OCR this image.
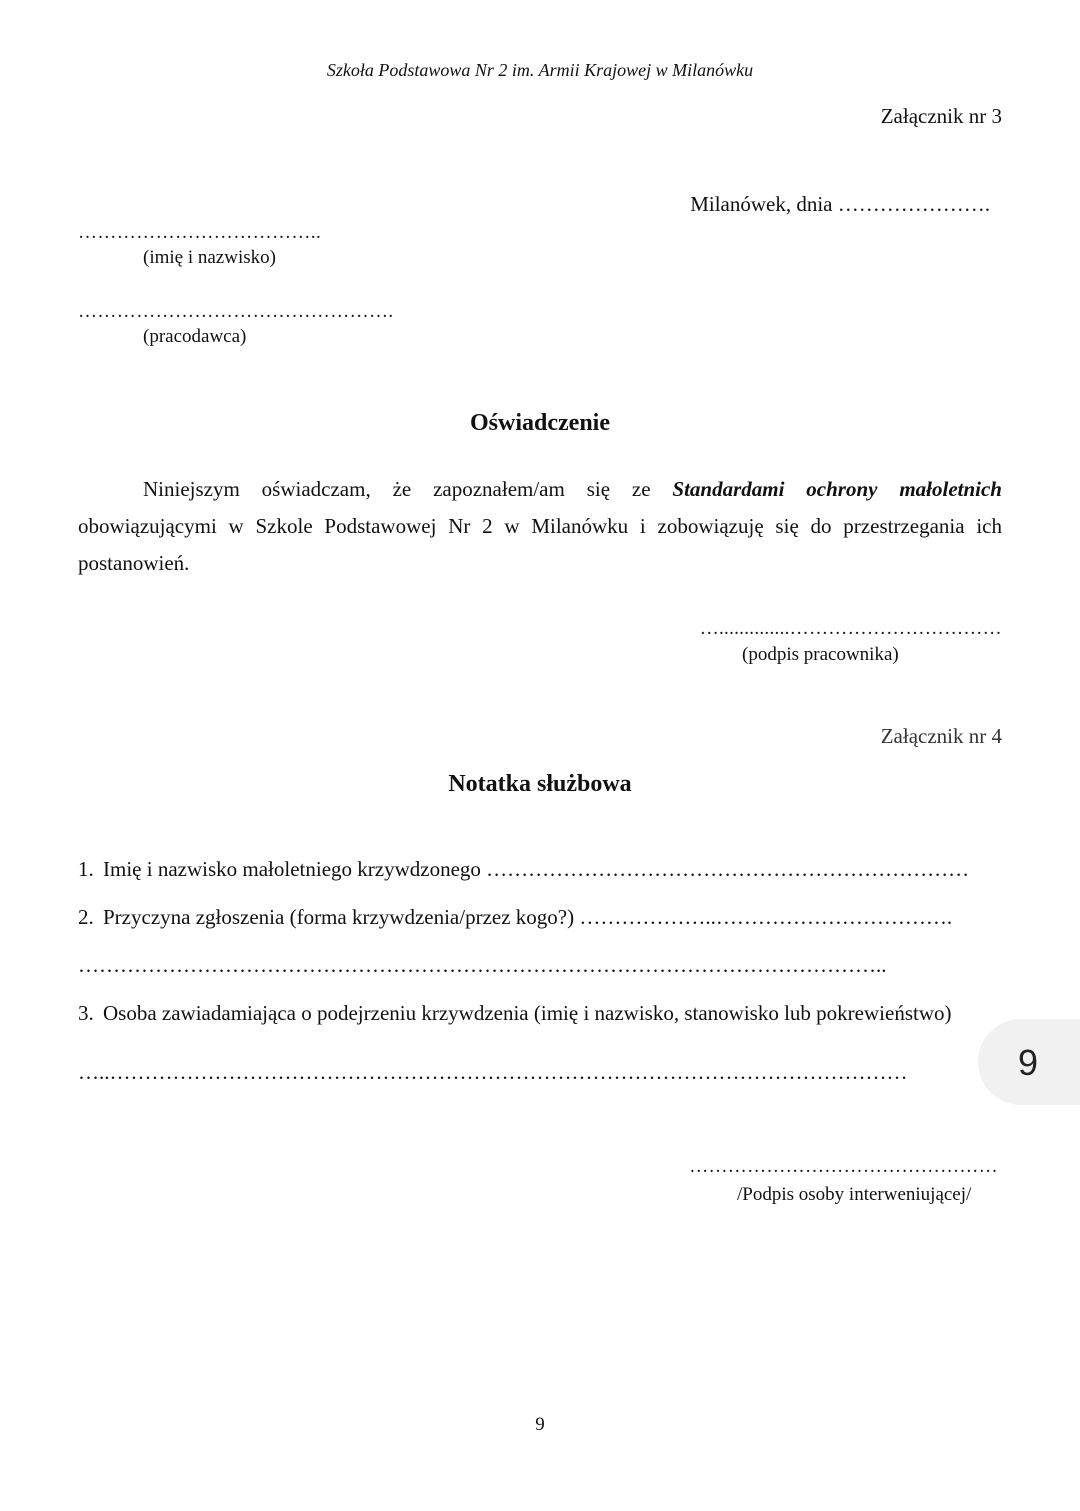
Szkoła Podstawowa Nr 2 im. Armii Krajowej w Milanówku
Załącznik nr 3
Milanówek, dnia ………………….
………………………………..
(imię i nazwisko)
………………………………………….
(pracodawca)
Oświadczenie
Niniejszym oświadczam, że zapoznałem/am się ze Standardami ochrony małoletnich obowiązującymi w Szkole Podstawowej Nr 2 w Milanówku i zobowiązuję się do przestrzegania ich postanowień.
…..............……………………………
(podpis pracownika)
Załącznik nr 4
Notatka służbowa
1. Imię i nazwisko małoletniego krzywdzonego ……………………………………………………………
2. Przyczyna zgłoszenia (forma krzywdzenia/przez kogo?) ………………..…………………………….
……………………………………………………………………………………………………..
3. Osoba zawiadamiająca o podejrzeniu krzywdzenia (imię i nazwisko, stanowisko lub pokrewieństwo)
…..……………………………………………………………………………………………………	9
…………………………………………
/Podpis osoby interweniującej/
9
